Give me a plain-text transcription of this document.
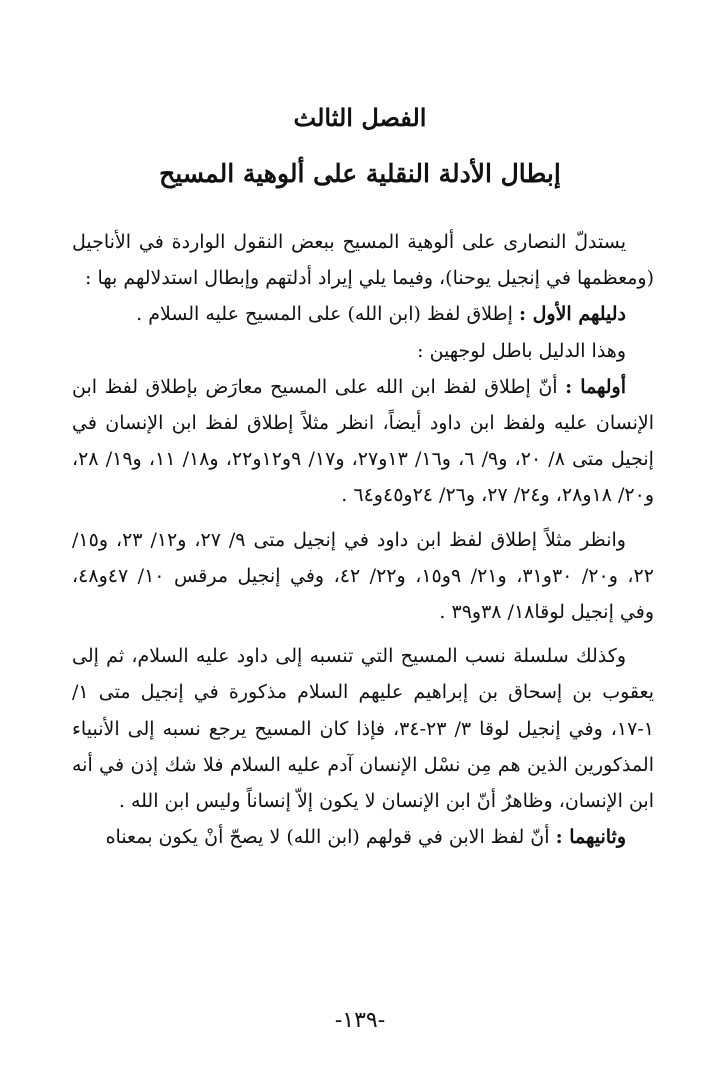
الفصل الثالث
إبطال الأدلة النقلية على ألوهية المسيح

يستدلّ النصارى على ألوهية المسيح ببعض النقول الواردة في الأناجيل (ومعظمها في إنجيل يوحنا)، وفيما يلي إيراد أدلتهم وإبطال استدلالهم بها :

دليلهم الأول : إطلاق لفظ (ابن الله) على المسيح عليه السلام .

وهذا الدليل باطل لوجهين :

أولهما : أنّ إطلاق لفظ ابن الله على المسيح معارَض بإطلاق لفظ ابن الإنسان عليه ولفظ ابن داود أيضاً، انظر مثلاً إطلاق لفظ ابن الإنسان في إنجيل متى ٨/ ٢٠، و٩/ ٦، و١٦/ ١٣و٢٧، و١٧/ ٩و١٢و٢٢، و١٨/ ١١، و١٩/ ٢٨، و٢٠/ ١٨و٢٨، و٢٤/ ٢٧، و٢٦/ ٢٤و٤٥و٦٤ .

وانظر مثلاً إطلاق لفظ ابن داود في إنجيل متى ٩/ ٢٧، و١٢/ ٢٣، و١٥/ ٢٢، و٢٠/ ٣٠و٣١، و٢١/ ٩و١٥، و٢٢/ ٤٢، وفي إنجيل مرقس ١٠/ ٤٧و٤٨، وفي إنجيل لوقا١٨/ ٣٨و٣٩ .

وكذلك سلسلة نسب المسيح التي تنسبه إلى داود عليه السلام، ثم إلى يعقوب بن إسحاق بن إبراهيم عليهم السلام مذكورة في إنجيل متى ١/ ١-١٧، وفي إنجيل لوقا ٣/ ٢٣-٣٤، فإذا كان المسيح يرجع نسبه إلى الأنبياء المذكورين الذين هم مِن نسْل الإنسان آدم عليه السلام فلا شك إذن في أنه ابن الإنسان، وظاهرٌ أنّ ابن الإنسان لا يكون إلاّ إنساناً وليس ابن الله .

وثانيهما : أنّ لفظ الابن في قولهم (ابن الله) لا يصحّ أنْ يكون بمعناه

-١٣٩-
